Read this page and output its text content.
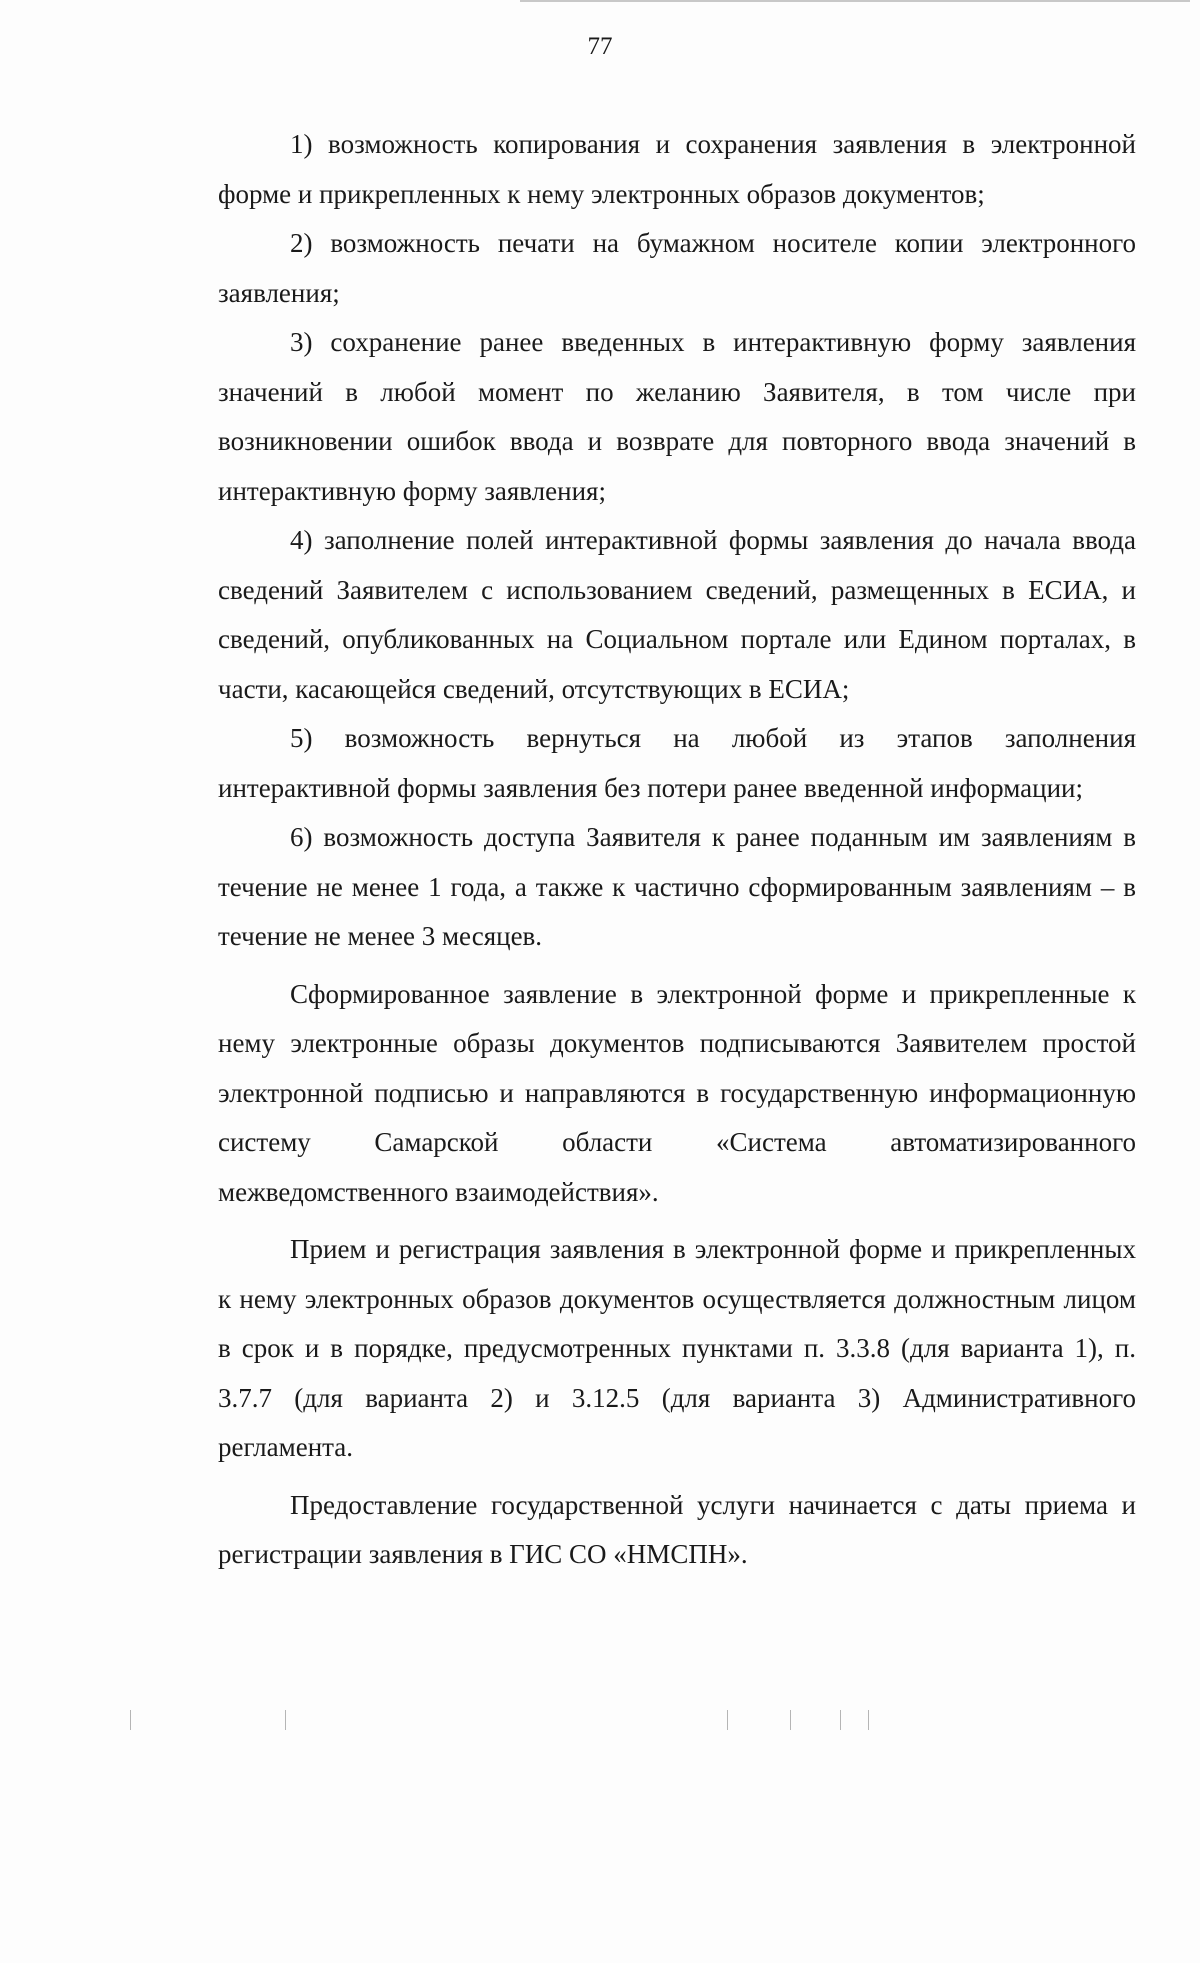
77

1) возможность копирования и сохранения заявления в электронной форме и прикрепленных к нему электронных образов документов;

2) возможность печати на бумажном носителе копии электронного заявления;

3) сохранение ранее введенных в интерактивную форму заявления значений в любой момент по желанию Заявителя, в том числе при возникновении ошибок ввода и возврате для повторного ввода значений в интерактивную форму заявления;

4) заполнение полей интерактивной формы заявления до начала ввода сведений Заявителем с использованием сведений, размещенных в ЕСИА, и сведений, опубликованных на Социальном портале или Едином порталах, в части, касающейся сведений, отсутствующих в ЕСИА;

5) возможность вернуться на любой из этапов заполнения интерактивной формы заявления без потери ранее введенной информации;

6) возможность доступа Заявителя к ранее поданным им заявлениям в течение не менее 1 года, а также к частично сформированным заявлениям – в течение не менее 3 месяцев.

Сформированное заявление в электронной форме и прикрепленные к нему электронные образы документов подписываются Заявителем простой электронной подписью и направляются в государственную информационную систему Самарской области «Система автоматизированного межведомственного взаимодействия».

Прием и регистрация заявления в электронной форме и прикрепленных к нему электронных образов документов осуществляется должностным лицом в срок и в порядке, предусмотренных пунктами п. 3.3.8 (для варианта 1), п. 3.7.7 (для варианта 2) и 3.12.5 (для варианта 3) Административного регламента.

Предоставление государственной услуги начинается с даты приема и регистрации заявления в ГИС СО «НМСПН».
